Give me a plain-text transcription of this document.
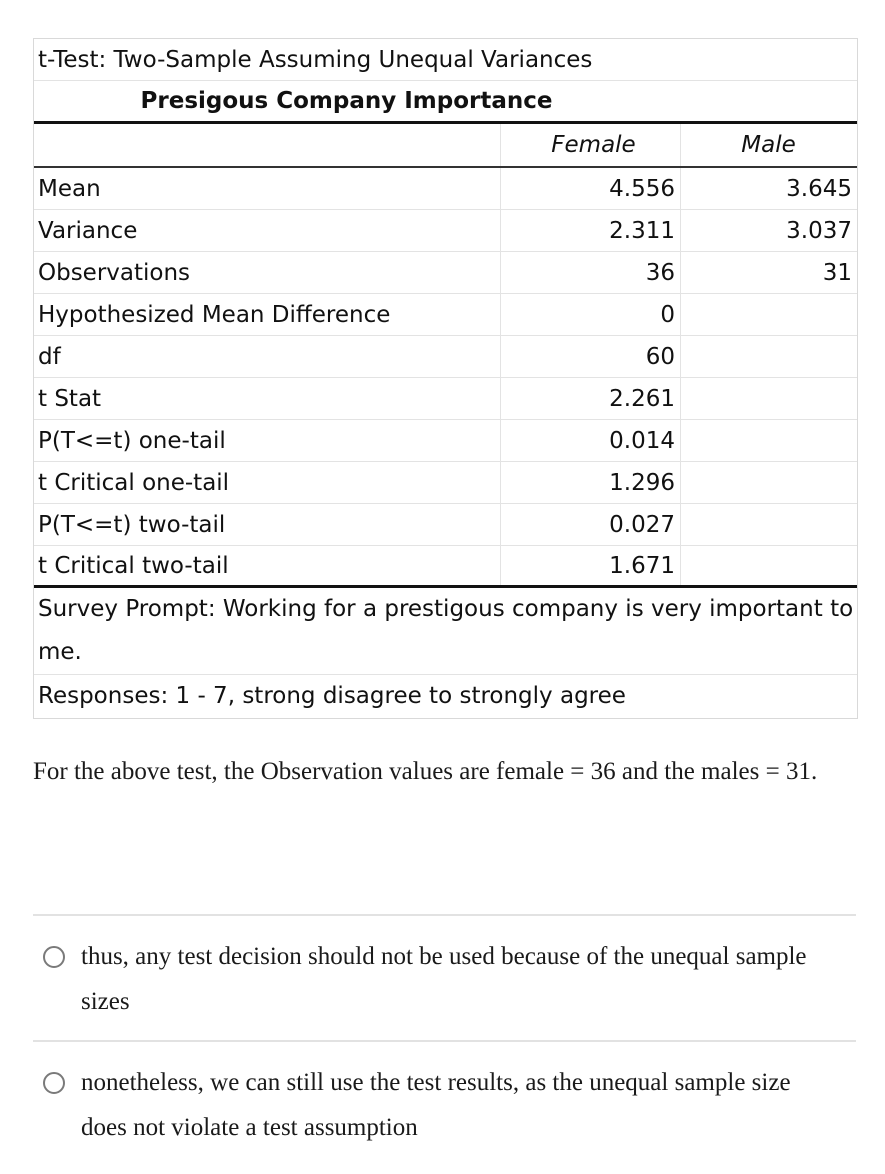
t-Test: Two-Sample Assuming Unequal Variances
Presigous Company Importance
Female	Male
Mean	4.556	3.645
Variance	2.311	3.037
Observations	36	31
Hypothesized Mean Difference	0
df	60
t Stat	2.261
P(T<=t) one-tail	0.014
t Critical one-tail	1.296
P(T<=t) two-tail	0.027
t Critical two-tail	1.671
Survey Prompt: Working for a prestigous company is very important to me.
Responses: 1 - 7, strong disagree to strongly agree
For the above test, the Observation values are female = 36 and the males = 31.
thus, any test decision should not be used because of the unequal sample sizes
nonetheless, we can still use the test results, as the unequal sample size does not violate a test assumption
